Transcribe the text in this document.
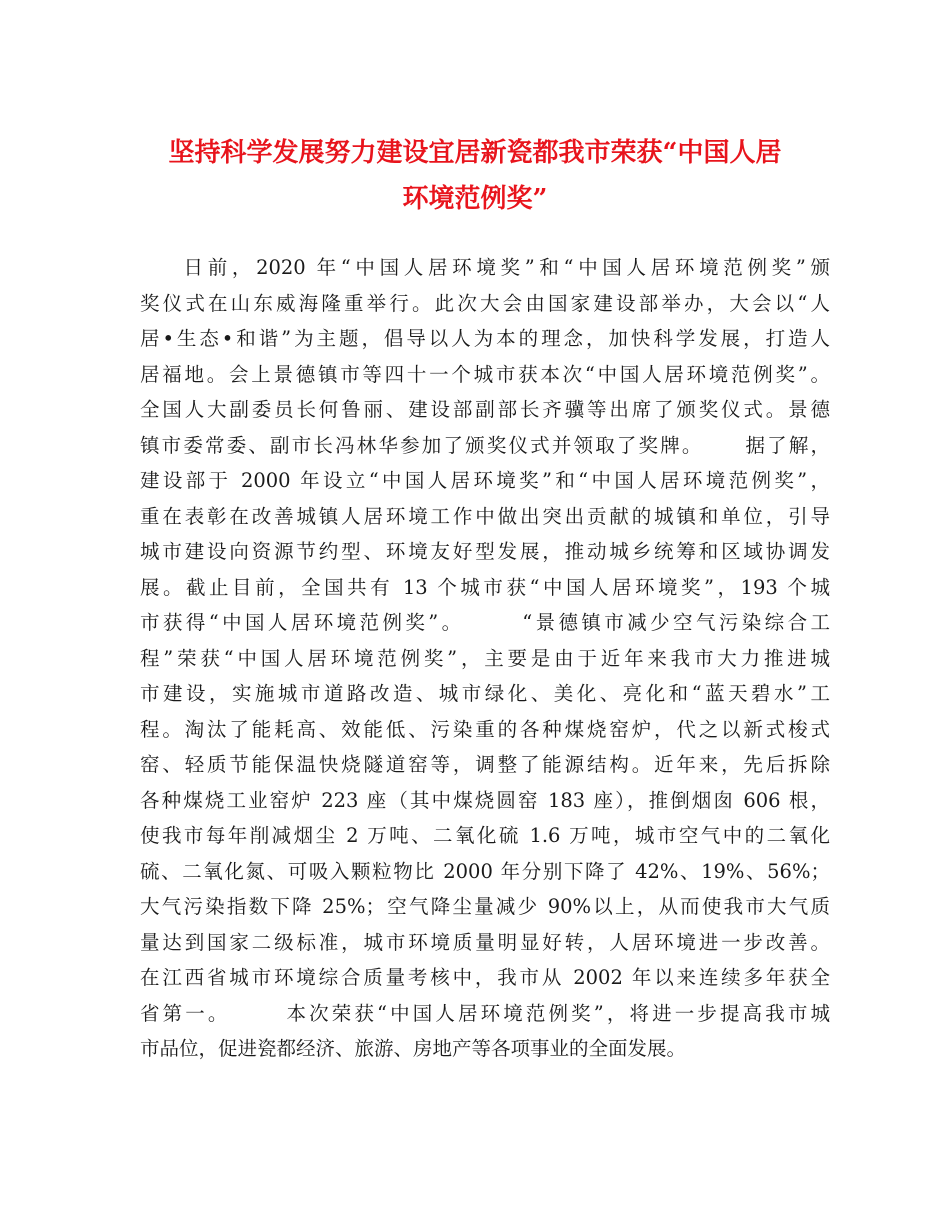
坚持科学发展努力建设宜居新瓷都我市荣获“中国人居
环境范例奖”
日前，2020 年“中国人居环境奖”和“中国人居环境范例奖”颁
奖仪式在山东威海隆重举行。此次大会由国家建设部举办，大会以“人
居•生态•和谐”为主题，倡导以人为本的理念，加快科学发展，打造人
居福地。会上景德镇市等四十一个城市获本次“中国人居环境范例奖”。
全国人大副委员长何鲁丽、建设部副部长齐骥等出席了颁奖仪式。景德
镇市委常委、副市长冯林华参加了颁奖仪式并领取了奖牌。     据了解，
建设部于 2000 年设立“中国人居环境奖”和“中国人居环境范例奖”，
重在表彰在改善城镇人居环境工作中做出突出贡献的城镇和单位，引导
城市建设向资源节约型、环境友好型发展，推动城乡统筹和区域协调发
展。截止目前，全国共有 13 个城市获“中国人居环境奖”，193 个城
市获得“中国人居环境范例奖”。      “景德镇市减少空气污染综合工
程”荣获“中国人居环境范例奖”，主要是由于近年来我市大力推进城
市建设，实施城市道路改造、城市绿化、美化、亮化和“蓝天碧水”工
程。淘汰了能耗高、效能低、污染重的各种煤烧窑炉，代之以新式梭式
窑、轻质节能保温快烧隧道窑等，调整了能源结构。近年来，先后拆除
各种煤烧工业窑炉 223 座（其中煤烧圆窑 183 座），推倒烟囱 606 根，
使我市每年削减烟尘 2 万吨、二氧化硫 1.6 万吨，城市空气中的二氧化
硫、二氧化氮、可吸入颗粒物比 2000 年分别下降了 42%、19%、56%；
大气污染指数下降 25%；空气降尘量减少 90%以上，从而使我市大气质
量达到国家二级标准，城市环境质量明显好转，人居环境进一步改善。
在江西省城市环境综合质量考核中，我市从 2002 年以来连续多年获全
省第一。      本次荣获“中国人居环境范例奖”，将进一步提高我市城
市品位，促进瓷都经济、旅游、房地产等各项事业的全面发展。
